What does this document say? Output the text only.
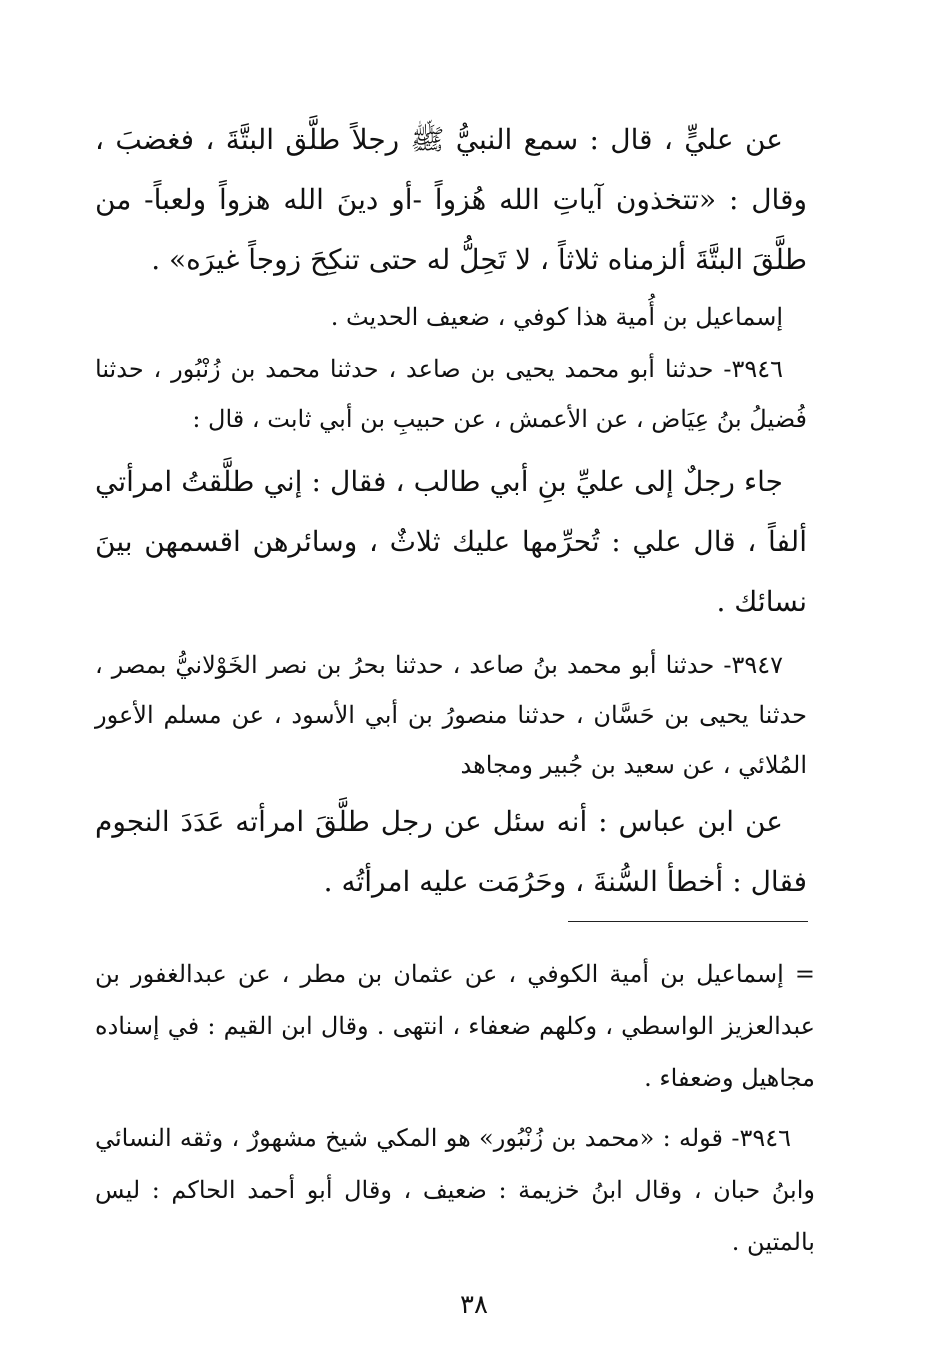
عن عليٍّ ، قال : سمع النبيُّ ﷺ رجلاً طلَّق البتَّةَ ، فغضبَ ، وقال : «تتخذون آياتِ الله هُزواً -أو دينَ الله هزواً ولعباً- من طلَّقَ البتَّةَ ألزمناه ثلاثاً ، لا تَحِلُّ له حتى تنكِحَ زوجاً غيرَه» .

إسماعيل بن أُمية هذا كوفي ، ضعيف الحديث .

٣٩٤٦- حدثنا أبو محمد يحيى بن صاعد ، حدثنا محمد بن زُنْبُور ، حدثنا فُضيلُ بنُ عِيَاض ، عن الأعمش ، عن حبيبِ بن أبي ثابت ، قال :

جاء رجلٌ إلى عليِّ بنِ أبي طالب ، فقال : إني طلَّقتُ امرأتي ألفاً ، قال علي : تُحرِّمها عليك ثلاثٌ ، وسائرهن اقسمهن بينَ نسائك .

٣٩٤٧- حدثنا أبو محمد بنُ صاعد ، حدثنا بحرُ بن نصر الخَوْلانيُّ بمصر ، حدثنا يحيى بن حَسَّان ، حدثنا منصورُ بن أبي الأسود ، عن مسلم الأعور المُلائي ، عن سعيد بن جُبير ومجاهد

عن ابن عباس : أنه سئل عن رجل طلَّقَ امرأته عَدَدَ النجوم فقال : أخطأ السُّنةَ ، وحَرُمَت عليه امرأتُه .

= إسماعيل بن أمية الكوفي ، عن عثمان بن مطر ، عن عبدالغفور بن عبدالعزيز الواسطي ، وكلهم ضعفاء ، انتهى . وقال ابن القيم : في إسناده مجاهيل وضعفاء .

٣٩٤٦- قوله : «محمد بن زُنْبُور» هو المكي شيخ مشهورٌ ، وثقه النسائي وابنُ حبان ، وقال ابنُ خزيمة : ضعيف ، وقال أبو أحمد الحاكم : ليس بالمتين .

٣٨
